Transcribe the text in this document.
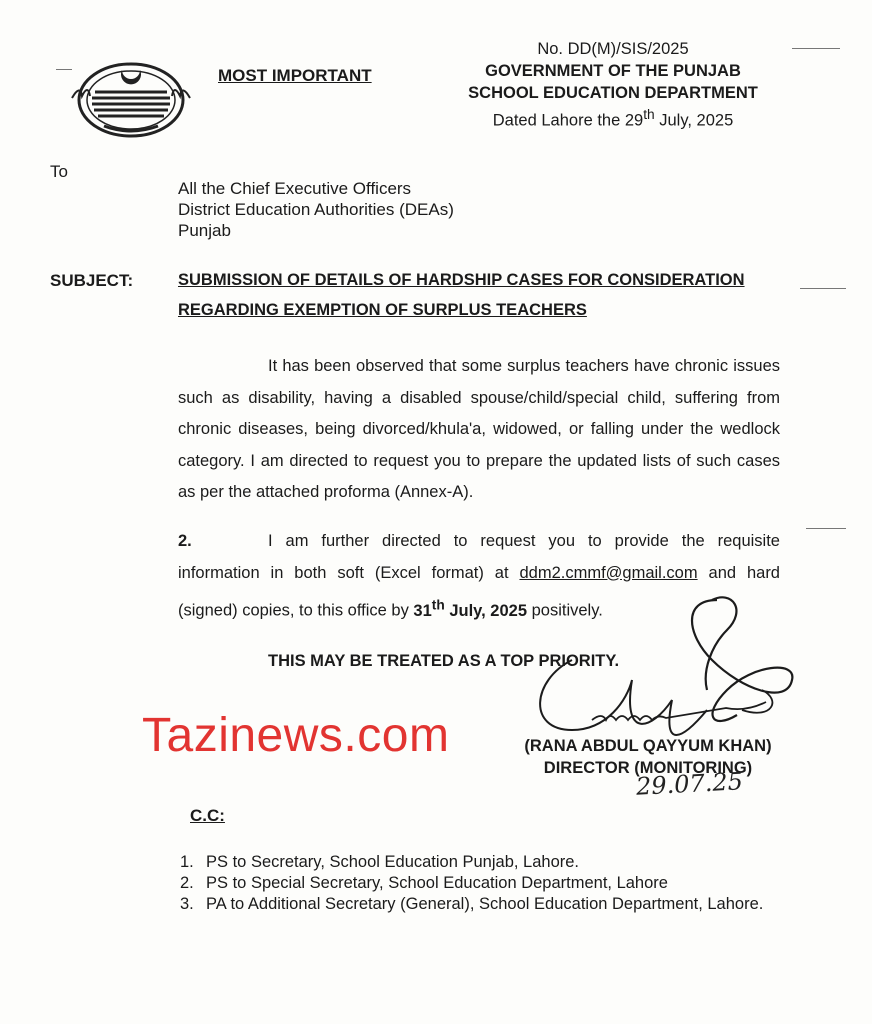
MOST IMPORTANT
No. DD(M)/SIS/2025
GOVERNMENT OF THE PUNJAB
SCHOOL EDUCATION DEPARTMENT
Dated Lahore the 29th July, 2025
To
All the Chief Executive Officers
District Education Authorities (DEAs)
Punjab
SUBJECT:	SUBMISSION OF DETAILS OF HARDSHIP CASES FOR CONSIDERATION
REGARDING EXEMPTION OF SURPLUS TEACHERS
It has been observed that some surplus teachers have chronic issues such as disability, having a disabled spouse/child/special child, suffering from chronic diseases, being divorced/khula'a, widowed, or falling under the wedlock category. I am directed to request you to prepare the updated lists of such cases as per the attached proforma (Annex-A).
2.	I am further directed to request you to provide the requisite information in both soft (Excel format) at ddm2.cmmf@gmail.com and hard (signed) copies, to this office by 31th July, 2025 positively.
THIS MAY BE TREATED AS A TOP PRIORITY.
Tazinews.com	(RANA ABDUL QAYYUM KHAN)
DIRECTOR (MONITORING)
29.07.25
C.C:
1. PS to Secretary, School Education Punjab, Lahore.
2. PS to Special Secretary, School Education Department, Lahore
3. PA to Additional Secretary (General), School Education Department, Lahore.
